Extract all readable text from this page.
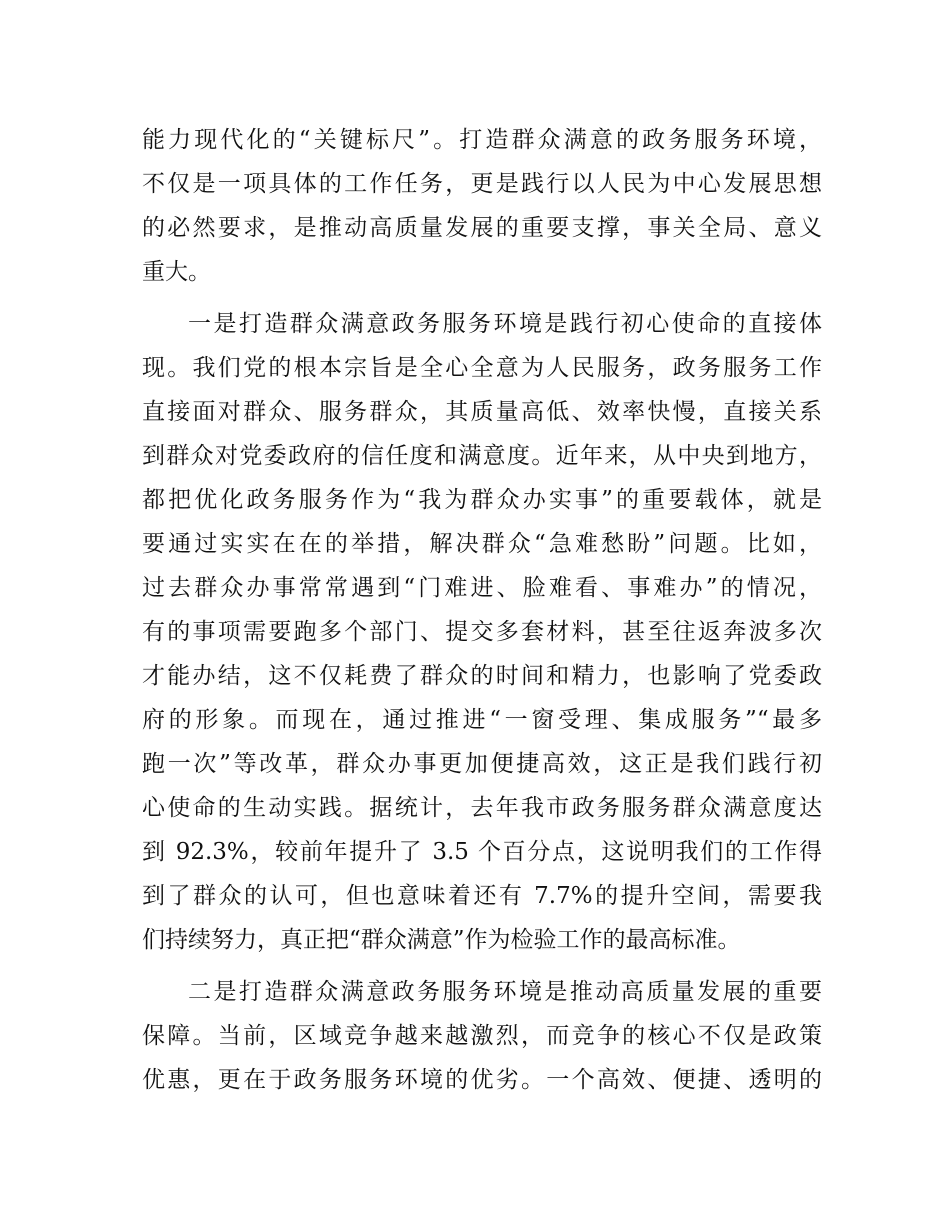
能力现代化的“关键标尺”。打造群众满意的政务服务环境，
不仅是一项具体的工作任务，更是践行以人民为中心发展思想
的必然要求，是推动高质量发展的重要支撑，事关全局、意义
重大。

一是打造群众满意政务服务环境是践行初心使命的直接体
现。我们党的根本宗旨是全心全意为人民服务，政务服务工作
直接面对群众、服务群众，其质量高低、效率快慢，直接关系
到群众对党委政府的信任度和满意度。近年来，从中央到地方，
都把优化政务服务作为“我为群众办实事”的重要载体，就是
要通过实实在在的举措，解决群众“急难愁盼”问题。比如，
过去群众办事常常遇到“门难进、脸难看、事难办”的情况，
有的事项需要跑多个部门、提交多套材料，甚至往返奔波多次
才能办结，这不仅耗费了群众的时间和精力，也影响了党委政
府的形象。而现在，通过推进“一窗受理、集成服务”“最多
跑一次”等改革，群众办事更加便捷高效，这正是我们践行初
心使命的生动实践。据统计，去年我市政务服务群众满意度达
到 92.3%，较前年提升了 3.5 个百分点，这说明我们的工作得
到了群众的认可，但也意味着还有 7.7%的提升空间，需要我
们持续努力，真正把“群众满意”作为检验工作的最高标准。

二是打造群众满意政务服务环境是推动高质量发展的重要
保障。当前，区域竞争越来越激烈，而竞争的核心不仅是政策
优惠，更在于政务服务环境的优劣。一个高效、便捷、透明的
